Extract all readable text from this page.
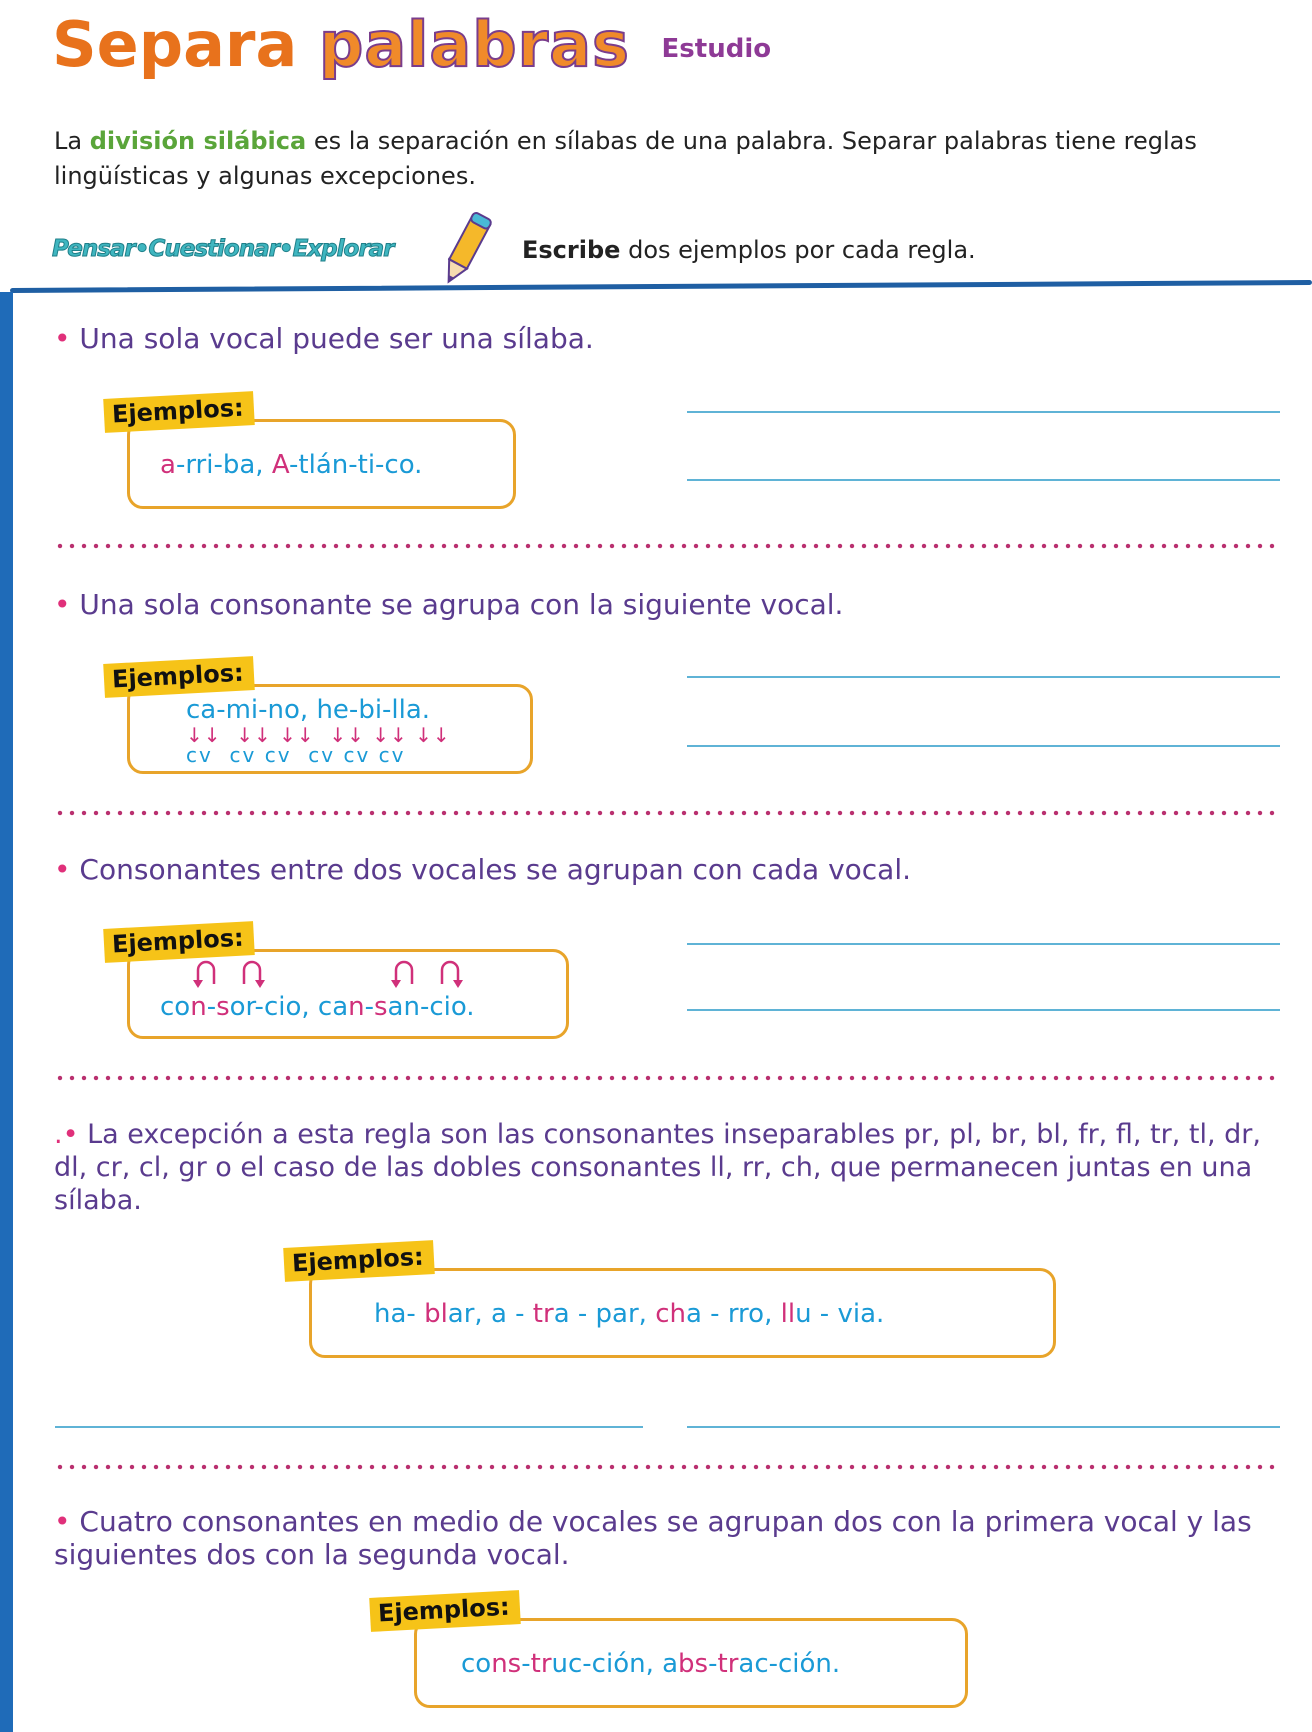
Separa palabras Estudio
La división silábica es la separación en sílabas de una palabra. Separar palabras tiene reglas lingüísticas y algunas excepciones.
Pensar•Cuestionar•Explorar	Escribe dos ejemplos por cada regla.
• Una sola vocal puede ser una sílaba.
a-rri-ba, A-tlán-ti-co.
Ejemplos:
• Una sola consonante se agrupa con la siguiente vocal.
ca-mi-no, he-bi-lla.
↓↓  ↓↓ ↓↓  ↓↓ ↓↓ ↓↓
cv  cv cv  cv cv cv
Ejemplos:
• Consonantes entre dos vocales se agrupan con cada vocal.
con-sor-cio, can-san-cio.
Ejemplos:
.• La excepción a esta regla son las consonantes inseparables pr, pl, br, bl, fr, fl, tr, tl, dr, dl, cr, cl, gr o el caso de las dobles consonantes ll, rr, ch, que permanecen juntas en una sílaba.
ha- blar, a - tra - par, cha - rro, llu - via.
Ejemplos:
• Cuatro consonantes en medio de vocales se agrupan dos con la primera vocal y las siguientes dos con la segunda vocal.
cons-truc-ción, abs-trac-ción.
Ejemplos:
